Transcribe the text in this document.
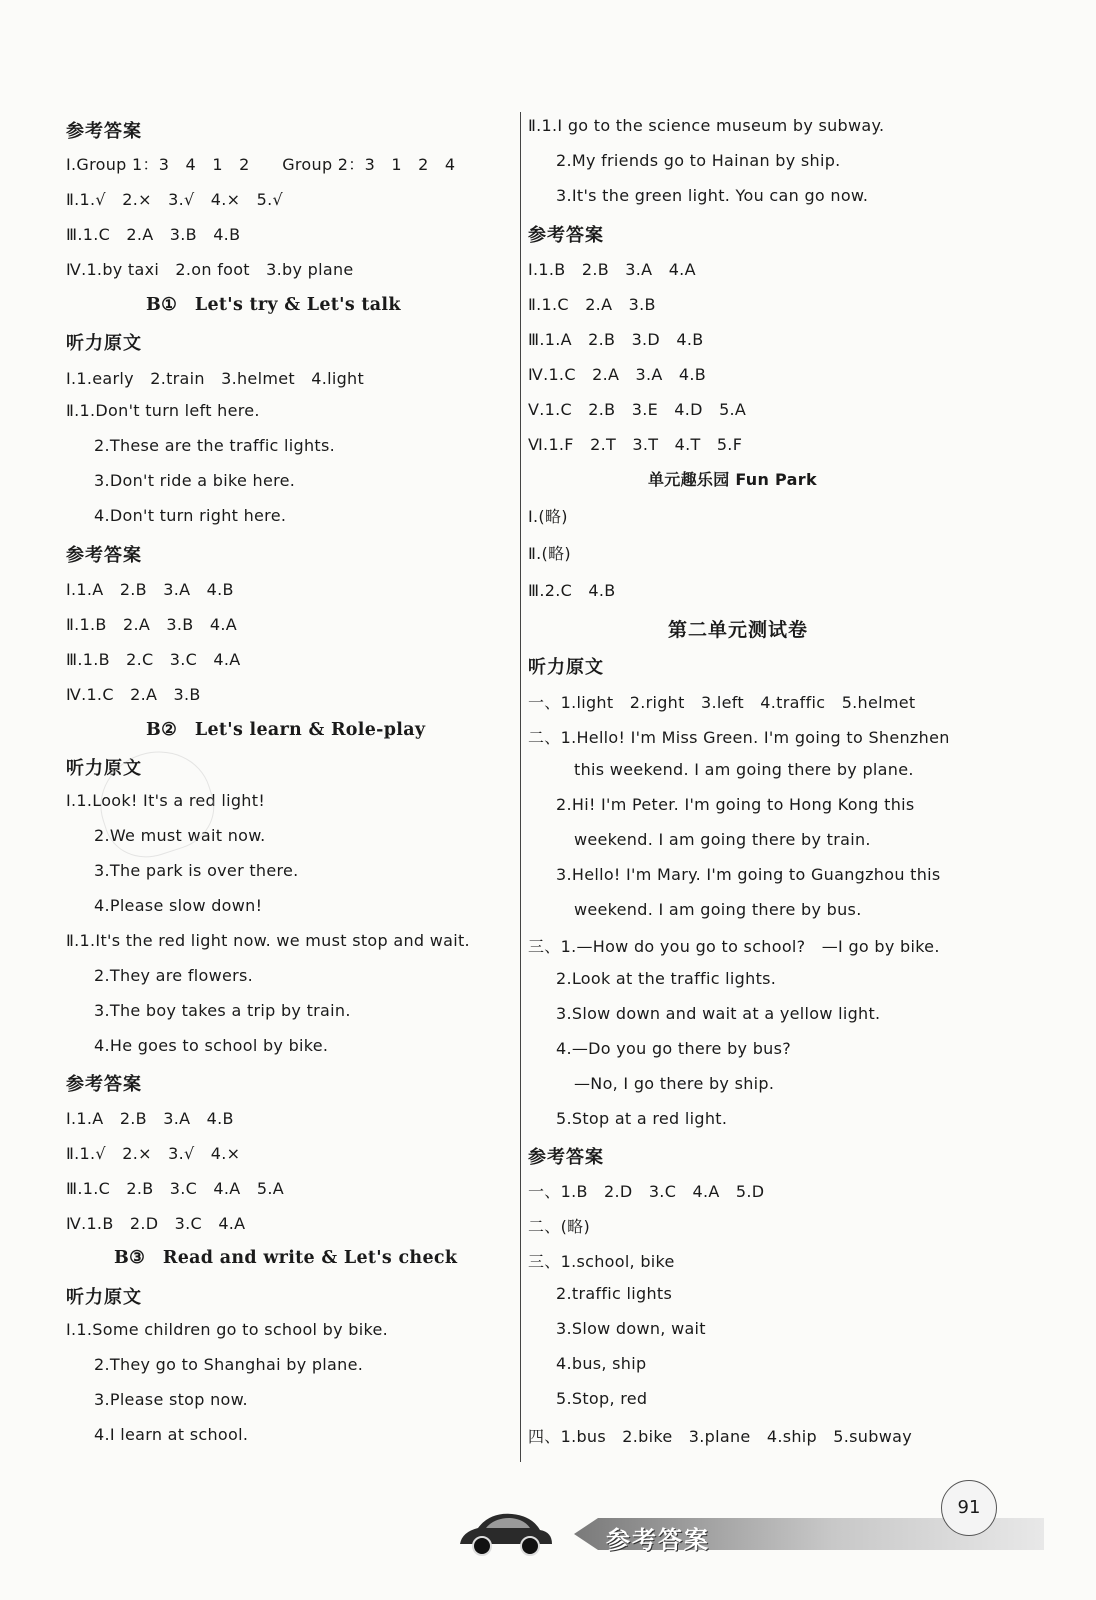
参考答案
Ⅰ.Group 1：3　4　1　2　　Group 2：3　1　2　4
Ⅱ.1.√　2.×　3.√　4.×　5.√
Ⅲ.1.C　2.A　3.B　4.B
Ⅳ.1.by taxi　2.on foot　3.by plane
B①　Let's try & Let's talk
听力原文
Ⅰ.1.early　2.train　3.helmet　4.light
Ⅱ.1.Don't turn left here.
2.These are the traffic lights.
3.Don't ride a bike here.
4.Don't turn right here.
参考答案
Ⅰ.1.A　2.B　3.A　4.B
Ⅱ.1.B　2.A　3.B　4.A
Ⅲ.1.B　2.C　3.C　4.A
Ⅳ.1.C　2.A　3.B
B②　Let's learn & Role-play
听力原文
Ⅰ.1.Look! It's a red light!
2.We must wait now.
3.The park is over there.
4.Please slow down!
Ⅱ.1.It's the red light now. we must stop and wait.
2.They are flowers.
3.The boy takes a trip by train.
4.He goes to school by bike.
参考答案
Ⅰ.1.A　2.B　3.A　4.B
Ⅱ.1.√　2.×　3.√　4.×
Ⅲ.1.C　2.B　3.C　4.A　5.A
Ⅳ.1.B　2.D　3.C　4.A
B③　Read and write & Let's check
听力原文
Ⅰ.1.Some children go to school by bike.
2.They go to Shanghai by plane.
3.Please stop now.
4.I learn at school.
Ⅱ.1.I go to the science museum by subway.
2.My friends go to Hainan by ship.
3.It's the green light. You can go now.
参考答案
Ⅰ.1.B　2.B　3.A　4.A
Ⅱ.1.C　2.A　3.B
Ⅲ.1.A　2.B　3.D　4.B
Ⅳ.1.C　2.A　3.A　4.B
Ⅴ.1.C　2.B　3.E　4.D　5.A
Ⅵ.1.F　2.T　3.T　4.T　5.F
单元趣乐园 Fun Park
Ⅰ.(略)
Ⅱ.(略)
Ⅲ.2.C　4.B
第二单元测试卷
听力原文
一、1.light　2.right　3.left　4.traffic　5.helmet
二、1.Hello! I'm Miss Green. I'm going to Shenzhen
this weekend. I am going there by plane.
2.Hi! I'm Peter. I'm going to Hong Kong this
weekend. I am going there by train.
3.Hello! I'm Mary. I'm going to Guangzhou this
weekend. I am going there by bus.
三、1.—How do you go to school?　—I go by bike.
2.Look at the traffic lights.
3.Slow down and wait at a yellow light.
4.—Do you go there by bus?
—No, I go there by ship.
5.Stop at a red light.
参考答案
一、1.B　2.D　3.C　4.A　5.D
二、(略)
三、1.school, bike
2.traffic lights
3.Slow down, wait
4.bus, ship
5.Stop, red
四、1.bus　2.bike　3.plane　4.ship　5.subway
参考答案
91
